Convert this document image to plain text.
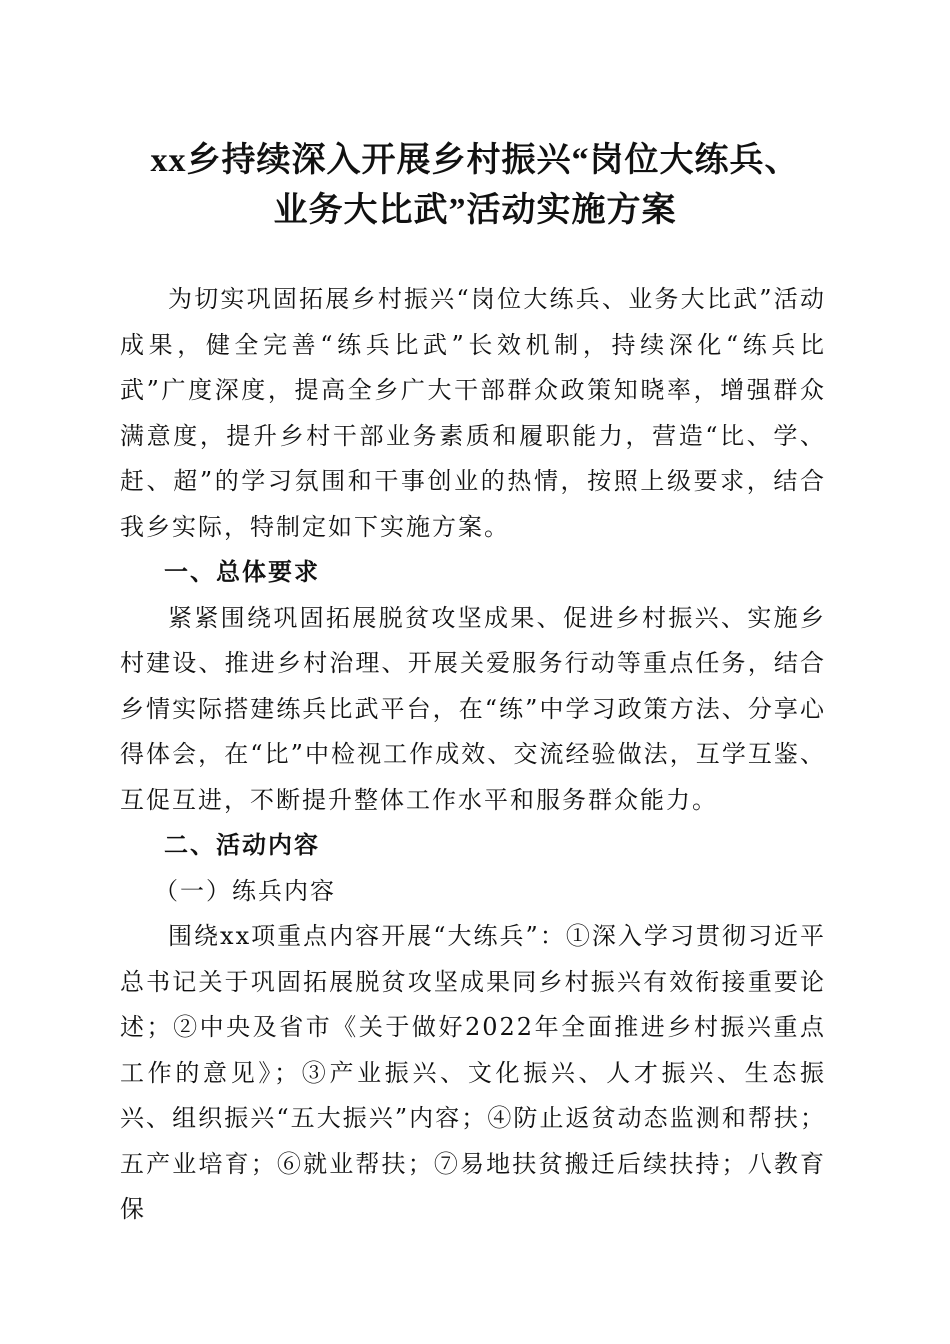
xx乡持续深入开展乡村振兴“岗位大练兵、
业务大比武”活动实施方案

为切实巩固拓展乡村振兴“岗位大练兵、业务大比武”活动成果，健全完善“练兵比武”长效机制，持续深化“练兵比武”广度深度，提高全乡广大干部群众政策知晓率，增强群众满意度，提升乡村干部业务素质和履职能力，营造“比、学、赶、超”的学习氛围和干事创业的热情，按照上级要求，结合我乡实际，特制定如下实施方案。

一、总体要求

紧紧围绕巩固拓展脱贫攻坚成果、促进乡村振兴、实施乡村建设、推进乡村治理、开展关爱服务行动等重点任务，结合乡情实际搭建练兵比武平台，在“练”中学习政策方法、分享心得体会，在“比”中检视工作成效、交流经验做法，互学互鉴、互促互进，不断提升整体工作水平和服务群众能力。

二、活动内容

（一）练兵内容

围绕xx项重点内容开展“大练兵”：①深入学习贯彻习近平总书记关于巩固拓展脱贫攻坚成果同乡村振兴有效衔接重要论述；②中央及省市《关于做好2022年全面推进乡村振兴重点工作的意见》；③产业振兴、文化振兴、人才振兴、生态振兴、组织振兴“五大振兴”内容；④防止返贫动态监测和帮扶；五产业培育；⑥就业帮扶；⑦易地扶贫搬迁后续扶持；八教育保
